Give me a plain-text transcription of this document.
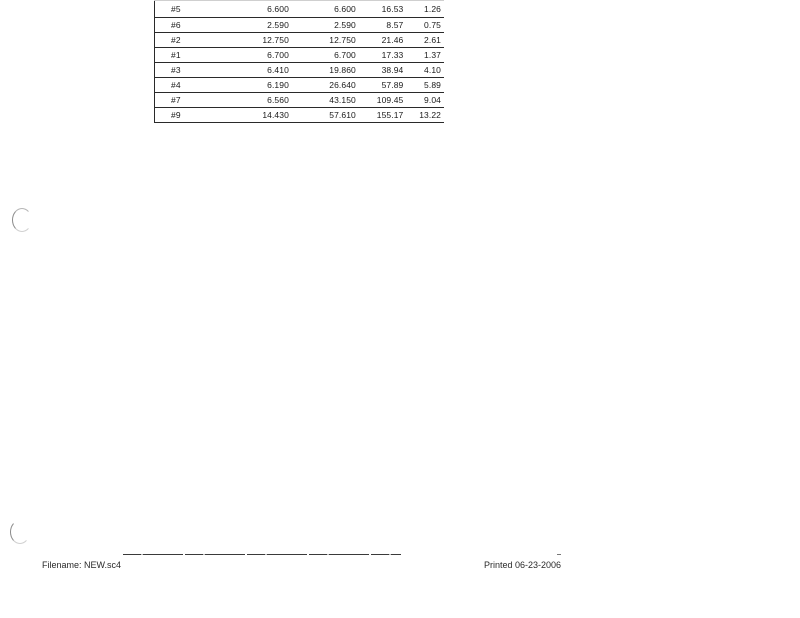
#5	6.600	6.600	16.53	1.26
#6	2.590	2.590	8.57	0.75
#2	12.750	12.750	21.46	2.61
#1	6.700	6.700	17.33	1.37
#3	6.410	19.860	38.94	4.10
#4	6.190	26.640	57.89	5.89
#7	6.560	43.150	109.45	9.04
#9	14.430	57.610	155.17	13.22
Filename: NEW.sc4	Printed 06-23-2006
